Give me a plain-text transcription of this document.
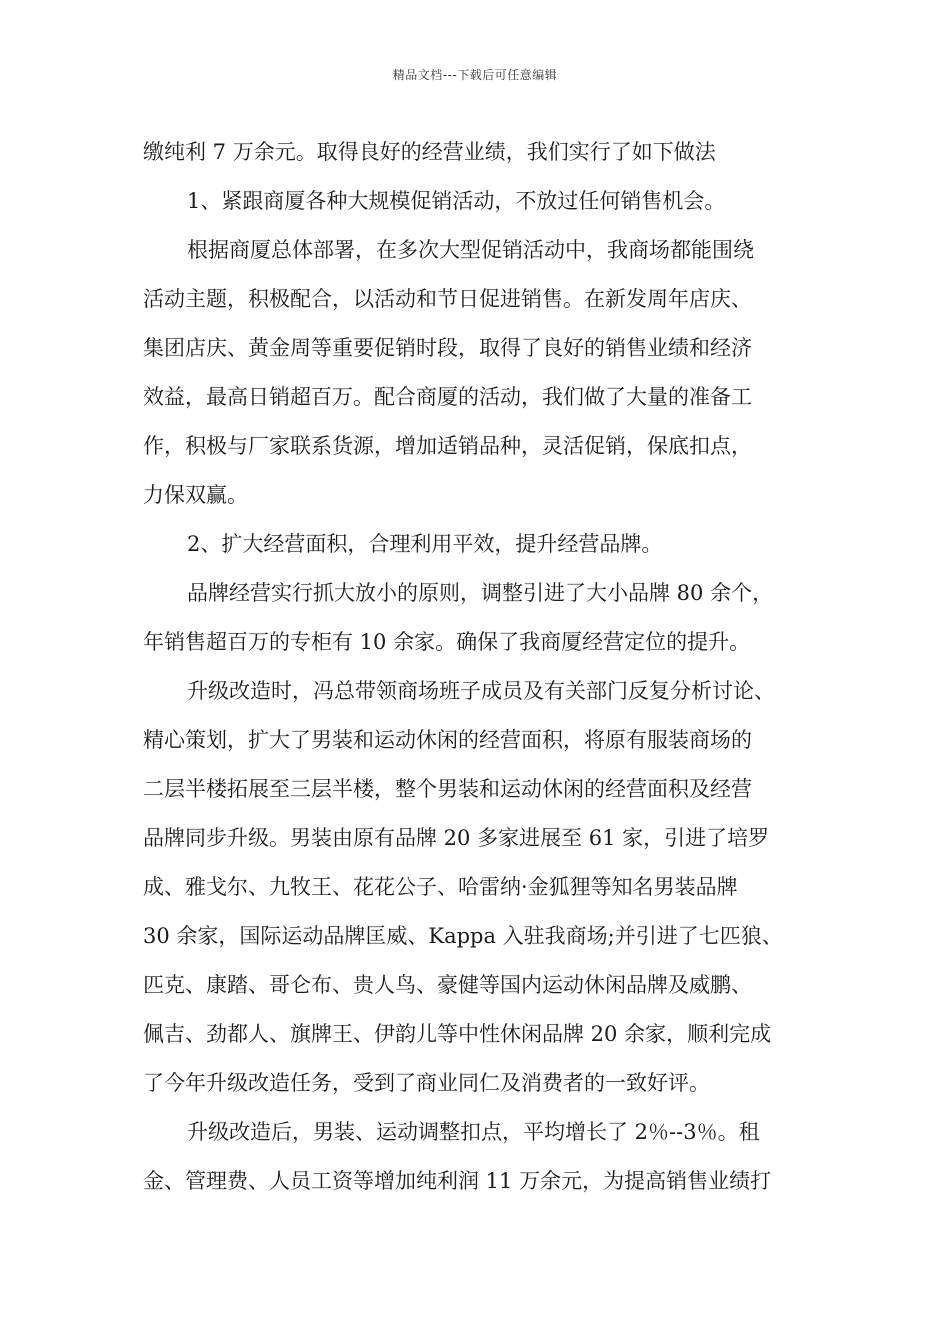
精品文档---下载后可任意编辑
缴纯利 7 万余元。取得良好的经营业绩，我们实行了如下做法
1、紧跟商厦各种大规模促销活动，不放过任何销售机会。
根据商厦总体部署，在多次大型促销活动中，我商场都能围绕
活动主题，积极配合，以活动和节日促进销售。在新发周年店庆、
集团店庆、黄金周等重要促销时段，取得了良好的销售业绩和经济
效益，最高日销超百万。配合商厦的活动，我们做了大量的准备工
作，积极与厂家联系货源，增加适销品种，灵活促销，保底扣点，
力保双赢。
2、扩大经营面积，合理利用平效，提升经营品牌。
品牌经营实行抓大放小的原则，调整引进了大小品牌 80 余个，
年销售超百万的专柜有 10 余家。确保了我商厦经营定位的提升。
升级改造时，冯总带领商场班子成员及有关部门反复分析讨论、
精心策划，扩大了男装和运动休闲的经营面积，将原有服装商场的
二层半楼拓展至三层半楼，整个男装和运动休闲的经营面积及经营
品牌同步升级。男装由原有品牌 20 多家进展至 61 家，引进了培罗
成、雅戈尔、九牧王、花花公子、哈雷纳·金狐狸等知名男装品牌
30 余家，国际运动品牌匡威、Kappa 入驻我商场;并引进了七匹狼、
匹克、康踏、哥仑布、贵人鸟、豪健等国内运动休闲品牌及威鹏、
佩吉、劲都人、旗牌王、伊韵儿等中性休闲品牌 20 余家，顺利完成
了今年升级改造任务，受到了商业同仁及消费者的一致好评。
升级改造后，男装、运动调整扣点，平均增长了 2％--3％。租
金、管理费、人员工资等增加纯利润 11 万余元，为提高销售业绩打
